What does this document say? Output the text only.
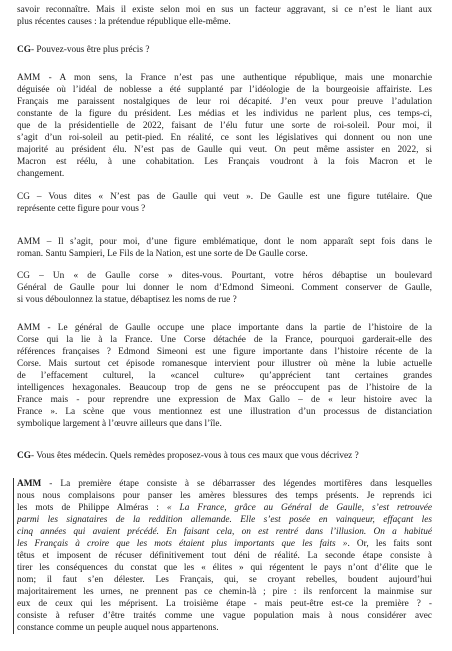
savoir reconnaître. Mais il existe selon moi en sus un facteur aggravant, si ce n’est le liant aux
plus récentes causes : la prétendue république elle-même.
CG- Pouvez-vous être plus précis ?
AMM - A mon sens, la France n’est pas une authentique république, mais une monarchie
déguisée où l’idéal de noblesse a été supplanté par l’idéologie de la bourgeoisie affairiste. Les
Français me paraissent nostalgiques de leur roi décapité. J’en veux pour preuve l’adulation
constante de la figure du président. Les médias et les individus ne parlent plus, ces temps-ci,
que de la présidentielle de 2022, faisant de l’élu futur une sorte de roi-soleil. Pour moi, il
s’agit d’un roi-soleil au petit-pied. En réalité, ce sont les législatives qui donnent ou non une
majorité au président élu. N’est pas de Gaulle qui veut. On peut même assister en 2022, si
Macron est réélu, à une cohabitation. Les Français voudront à la fois Macron et le
changement.
CG – Vous dites « N’est pas de Gaulle qui veut ». De Gaulle est une figure tutélaire. Que
représente cette figure pour vous ?
AMM – Il s’agit, pour moi, d’une figure emblématique, dont le nom apparaît sept fois dans le
roman. Santu Sampieri, Le Fils de la Nation, est une sorte de De Gaulle corse.
CG – Un « de Gaulle corse » dites-vous. Pourtant, votre héros débaptise un boulevard
Général de Gaulle pour lui donner le nom d’Edmond Simeoni. Comment conserver de Gaulle,
si vous déboulonnez la statue, débaptisez les noms de rue ?
AMM - Le général de Gaulle occupe une place importante dans la partie de l’histoire de la
Corse qui la lie à la France. Une Corse détachée de la France, pourquoi garderait-elle des
références françaises ? Edmond Simeoni est une figure importante dans l’histoire récente de la
Corse. Mais surtout cet épisode romanesque intervient pour illustrer où mène la lubie actuelle
de l’effacement culturel, la «cancel culture» qu’apprécient tant certaines grandes
intelligences hexagonales. Beaucoup trop de gens ne se préoccupent pas de l’histoire de la
France mais - pour reprendre une expression de Max Gallo – de « leur histoire avec la
France ». La scène que vous mentionnez est une illustration d’un processus de distanciation
symbolique largement à l’œuvre ailleurs que dans l’île.
CG- Vous êtes médecin. Quels remèdes proposez-vous à tous ces maux que vous décrivez ?
AMM - La première étape consiste à se débarrasser des légendes mortifères dans lesquelles
nous nous complaisons pour panser les amères blessures des temps présents. Je reprends ici
les mots de Philippe Alméras : « La France, grâce au Général de Gaulle, s’est retrouvée
parmi les signataires de la reddition allemande. Elle s’est posée en vainqueur, effaçant les
cinq années qui avaient précédé. En faisant cela, on est rentré dans l’illusion. On a habitué
les Français à croire que les mots étaient plus importants que les faits ». Or, les faits sont
têtus et imposent de récuser définitivement tout déni de réalité. La seconde étape consiste à
tirer les conséquences du constat que les « élites » qui régentent le pays n’ont d’élite que le
nom; il faut s’en délester. Les Français, qui, se croyant rebelles, boudent aujourd’hui
majoritairement les urnes, ne prennent pas ce chemin-là ; pire : ils renforcent la mainmise sur
eux de ceux qui les méprisent. La troisième étape - mais peut-être est-ce la première ? -
consiste à refuser d’être traités comme une vague population mais à nous considérer avec
constance comme un peuple auquel nous appartenons.
